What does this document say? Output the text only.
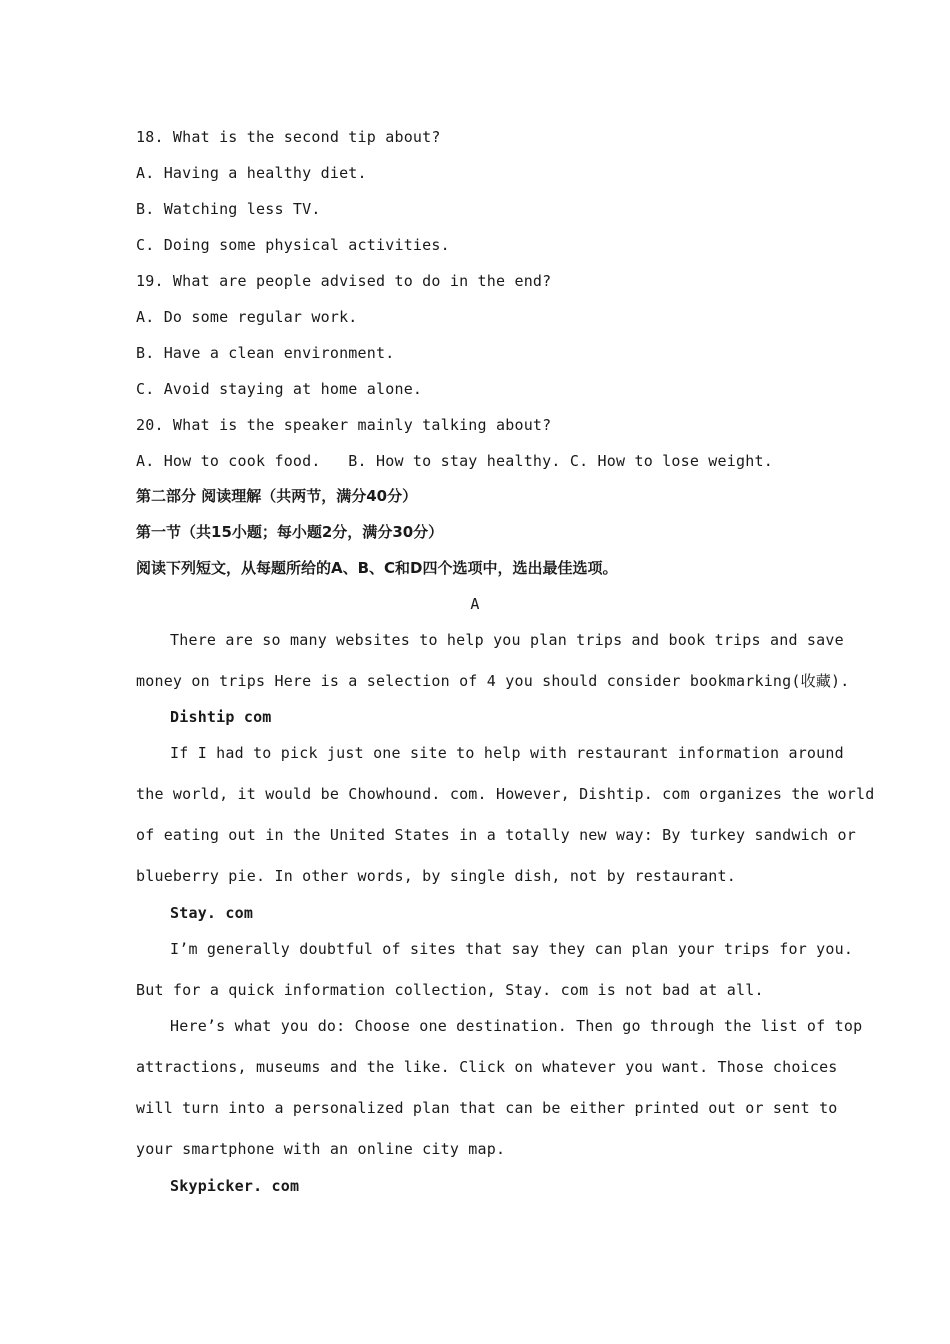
18. What is the second tip about?
A. Having a healthy diet.
B. Watching less TV.
C. Doing some physical activities.
19. What are people advised to do in the end?
A. Do some regular work.
B. Have a clean environment.
C. Avoid staying at home alone.
20. What is the speaker mainly talking about?
A. How to cook food.   B. How to stay healthy. C. How to lose weight.
第二部分 阅读理解（共两节，满分40分）
第一节（共15小题；每小题2分，满分30分）
阅读下列短文，从每题所给的A、B、C和D四个选项中，选出最佳选项。
A
There are so many websites to help you plan trips and book trips and save
money on trips Here is a selection of 4 you should consider bookmarking(收藏).
Dishtip com
If I had to pick just one site to help with restaurant information around
the world, it would be Chowhound. com. However, Dishtip. com organizes the world
of eating out in the United States in a totally new way: By turkey sandwich or
blueberry pie. In other words, by single dish, not by restaurant.
Stay. com
I’m generally doubtful of sites that say they can plan your trips for you.
But for a quick information collection, Stay. com is not bad at all.
Here’s what you do: Choose one destination. Then go through the list of top
attractions, museums and the like. Click on whatever you want. Those choices
will turn into a personalized plan that can be either printed out or sent to
your smartphone with an online city map.
Skypicker. com
